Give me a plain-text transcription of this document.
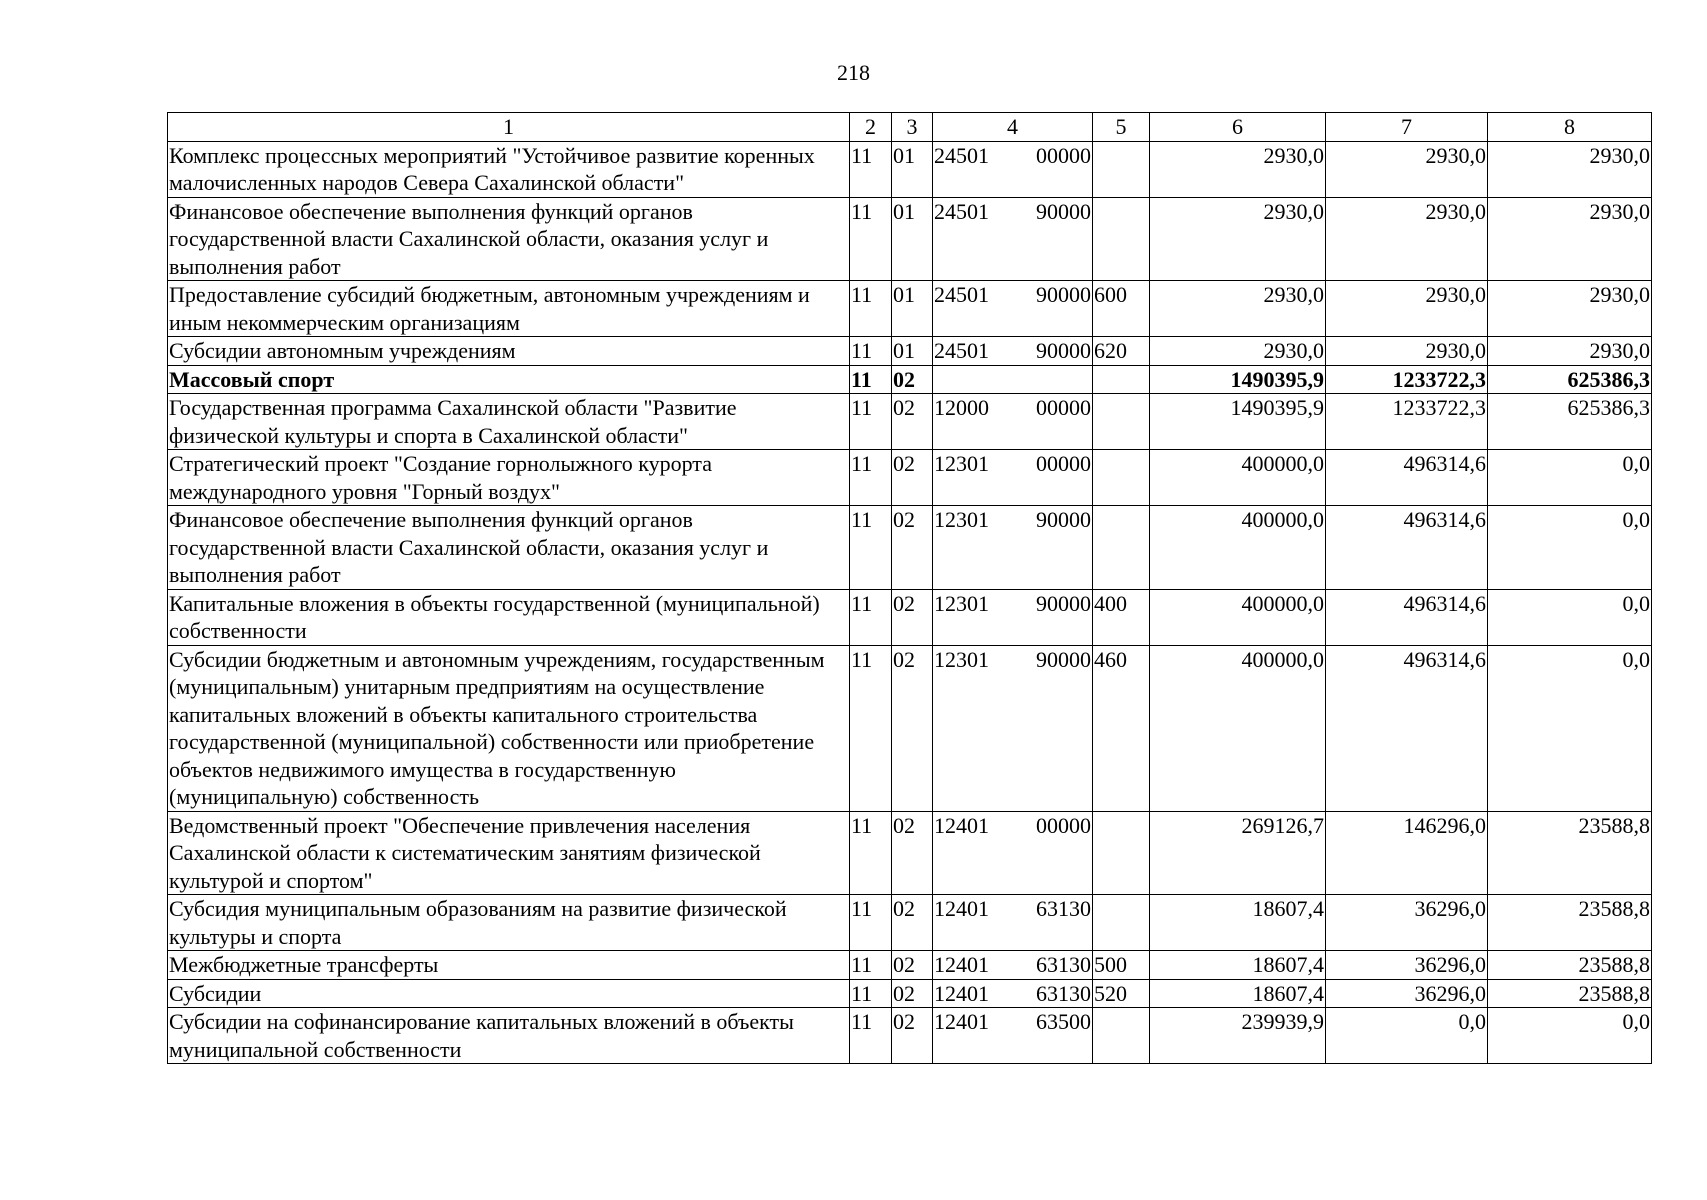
218
1	2	3	4	5	6	7	8
Комплекс процессных мероприятий "Устойчивое развитие коренных малочисленных народов Севера Сахалинской области"	11	01	24501 00000		2930,0	2930,0	2930,0
Финансовое обеспечение выполнения функций органов государственной власти Сахалинской области, оказания услуг и выполнения работ	11	01	24501 90000		2930,0	2930,0	2930,0
Предоставление субсидий бюджетным, автономным учреждениям и иным некоммерческим организациям	11	01	24501 90000	600	2930,0	2930,0	2930,0
Субсидии автономным учреждениям	11	01	24501 90000	620	2930,0	2930,0	2930,0
Массовый спорт	11	02			1490395,9	1233722,3	625386,3
Государственная программа Сахалинской области "Развитие физической культуры и спорта в Сахалинской области"	11	02	12000 00000		1490395,9	1233722,3	625386,3
Стратегический проект "Создание горнолыжного курорта международного уровня "Горный воздух"	11	02	12301 00000		400000,0	496314,6	0,0
Финансовое обеспечение выполнения функций органов государственной власти Сахалинской области, оказания услуг и выполнения работ	11	02	12301 90000		400000,0	496314,6	0,0
Капитальные вложения в объекты государственной (муниципальной) собственности	11	02	12301 90000	400	400000,0	496314,6	0,0
Субсидии бюджетным и автономным учреждениям, государственным (муниципальным) унитарным предприятиям на осуществление капитальных вложений в объекты капитального строительства государственной (муниципальной) собственности или приобретение объектов недвижимого имущества в государственную (муниципальную) собственность	11	02	12301 90000	460	400000,0	496314,6	0,0
Ведомственный проект "Обеспечение привлечения населения Сахалинской области к систематическим занятиям физической культурой и спортом"	11	02	12401 00000		269126,7	146296,0	23588,8
Субсидия муниципальным образованиям на развитие физической культуры и спорта	11	02	12401 63130		18607,4	36296,0	23588,8
Межбюджетные трансферты	11	02	12401 63130	500	18607,4	36296,0	23588,8
Субсидии	11	02	12401 63130	520	18607,4	36296,0	23588,8
Субсидии на софинансирование капитальных вложений в объекты муниципальной собственности	11	02	12401 63500		239939,9	0,0	0,0
